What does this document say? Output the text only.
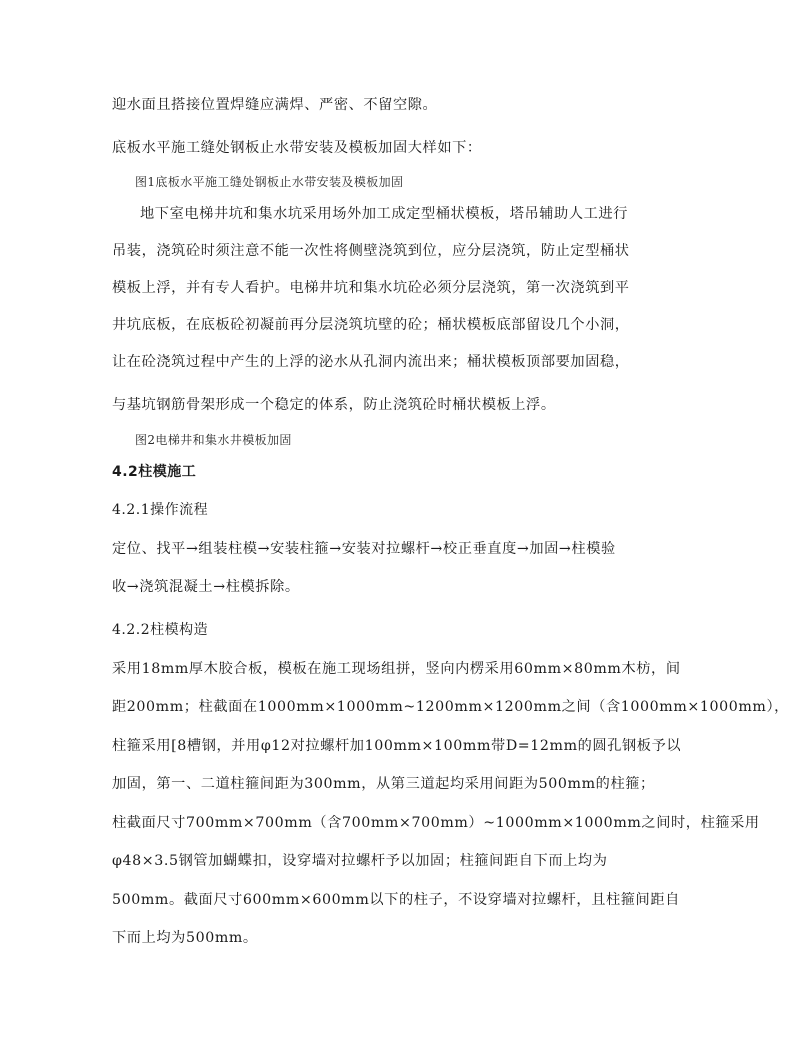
迎水面且搭接位置焊缝应满焊、严密、不留空隙。
底板水平施工缝处钢板止水带安装及模板加固大样如下：
图1底板水平施工缝处钢板止水带安装及模板加固
地下室电梯井坑和集水坑采用场外加工成定型桶状模板，塔吊辅助人工进行
吊装，浇筑砼时须注意不能一次性将侧壁浇筑到位，应分层浇筑，防止定型桶状
模板上浮，并有专人看护。电梯井坑和集水坑砼必须分层浇筑，第一次浇筑到平
井坑底板，在底板砼初凝前再分层浇筑坑壁的砼；桶状模板底部留设几个小洞，
让在砼浇筑过程中产生的上浮的泌水从孔洞内流出来；桶状模板顶部要加固稳，
与基坑钢筋骨架形成一个稳定的体系，防止浇筑砼时桶状模板上浮。
图2电梯井和集水井模板加固
4.2柱模施工
4.2.1操作流程
定位、找平→组装柱模→安装柱箍→安装对拉螺杆→校正垂直度→加固→柱模验
收→浇筑混凝土→柱模拆除。
4.2.2柱模构造
采用18mm厚木胶合板，模板在施工现场组拼，竖向内楞采用60mm×80mm木枋，间
距200mm；柱截面在1000mm×1000mm~1200mm×1200mm之间（含1000mm×1000mm），
柱箍采用[8槽钢，并用φ12对拉螺杆加100mm×100mm带D=12mm的圆孔钢板予以
加固，第一、二道柱箍间距为300mm，从第三道起均采用间距为500mm的柱箍；
柱截面尺寸700mm×700mm（含700mm×700mm）~1000mm×1000mm之间时，柱箍采用
φ48×3.5钢管加蝴蝶扣，设穿墙对拉螺杆予以加固；柱箍间距自下而上均为
500mm。截面尺寸600mm×600mm以下的柱子，不设穿墙对拉螺杆，且柱箍间距自
下而上均为500mm。
